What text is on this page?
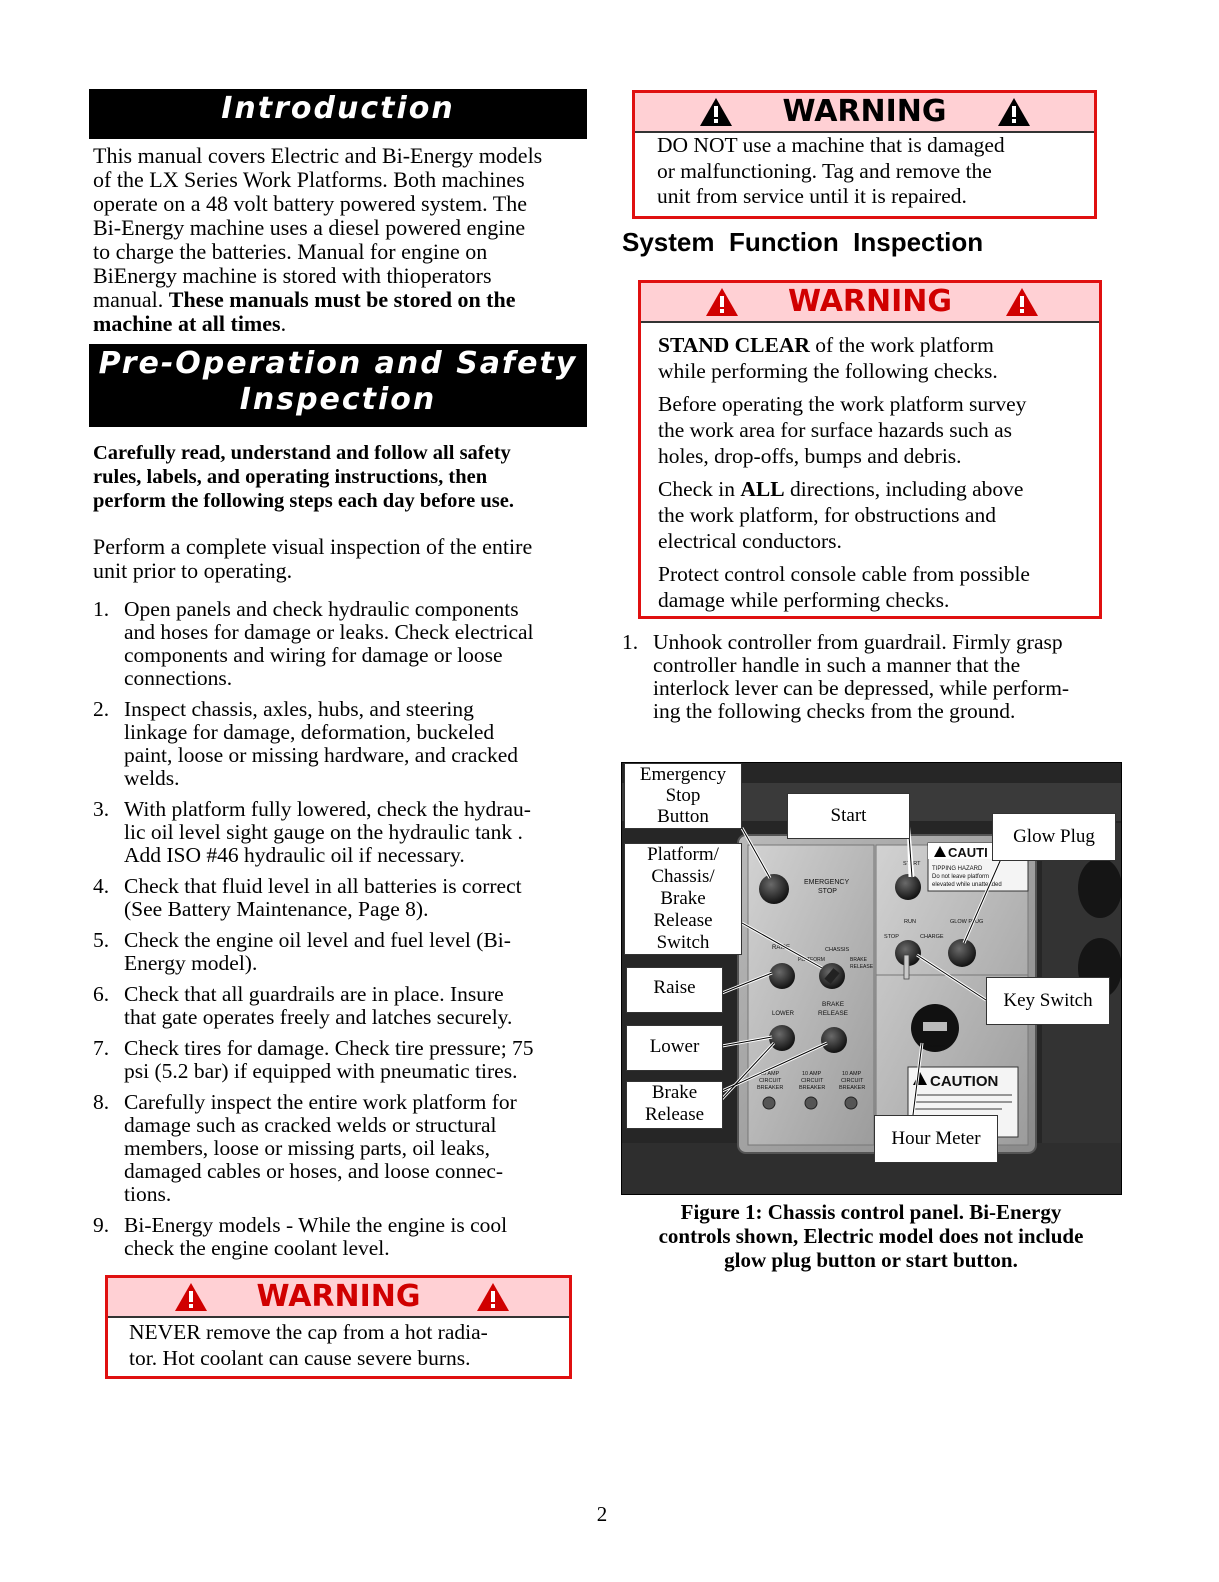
Introduction
This manual covers Electric and Bi-Energy models
of the LX Series Work Platforms. Both machines
operate on a 48 volt battery powered system. The
Bi-Energy machine uses a diesel powered engine
to charge the batteries. Manual for engine on
BiEnergy machine is stored with thioperators
manual. These manuals must be stored on the
machine at all times.
Pre-Operation and Safety
Inspection
Carefully read, understand and follow all safety
rules, labels, and operating instructions, then
perform the following steps each day before use.
Perform a complete visual inspection of the entire
unit prior to operating.
1. Open panels and check hydraulic components
and hoses for damage or leaks. Check electrical
components and wiring for damage or loose
connections.
2. Inspect chassis, axles, hubs, and steering
linkage for damage, deformation, buckeled
paint, loose or missing hardware, and cracked
welds.
3. With platform fully lowered, check the hydrau-
lic oil level sight gauge on the hydraulic tank .
Add ISO #46 hydraulic oil if necessary.
4. Check that fluid level in all batteries is correct
(See Battery Maintenance, Page 8).
5. Check the engine oil level and fuel level (Bi-
Energy model).
6. Check that all guardrails are in place. Insure
that gate operates freely and latches securely.
7. Check tires for damage. Check tire pressure; 75
psi (5.2 bar) if equipped with pneumatic tires.
8. Carefully inspect the entire work platform for
damage such as cracked welds or structural
members, loose or missing parts, oil leaks,
damaged cables or hoses, and loose connec-
tions.
9. Bi-Energy models - While the engine is cool
check the engine coolant level.
WARNING
NEVER remove the cap from a hot radia-
tor. Hot coolant can cause severe burns.
WARNING
DO NOT use a machine that is damaged
or malfunctioning. Tag and remove the
unit from service until it is repaired.
System  Function  Inspection
WARNING
STAND CLEAR of the work platform
while performing the following checks.
Before operating the work platform survey
the work area for surface hazards such as
holes, drop-offs, bumps and debris.
Check in ALL directions, including above
the work platform, for obstructions and
electrical conductors.
Protect control console cable from possible
damage while performing checks.
1. Unhook controller from guardrail. Firmly grasp
controller handle in such a manner that the
interlock lever can be depressed, while perform-
ing the following checks from the ground.
EMERGENCY
STOP
START
CAUTI
TIPPING HAZARD
Do not leave platform
elevated while unattended
RUN	GLOW PLUG
STOP	CHARGE
hourmeter
RAISE	CHASSIS
PLATFORM	BRAKE
RELEASE
BRAKE
RELEASE
LOWER
10 AMP
CIRCUIT
BREAKER
10 AMP
CIRCUIT
BREAKER
10 AMP
CIRCUIT
BREAKER	CAUTION
Emergency
Stop
Button	Start
Glow Plug
Platform/
Chassis/
Brake
Release
Switch
Raise
Lower
Brake
Release
Key Switch
Hour Meter
Figure 1: Chassis control panel. Bi-Energy
controls shown, Electric model does not include
glow plug button or start button.
2
